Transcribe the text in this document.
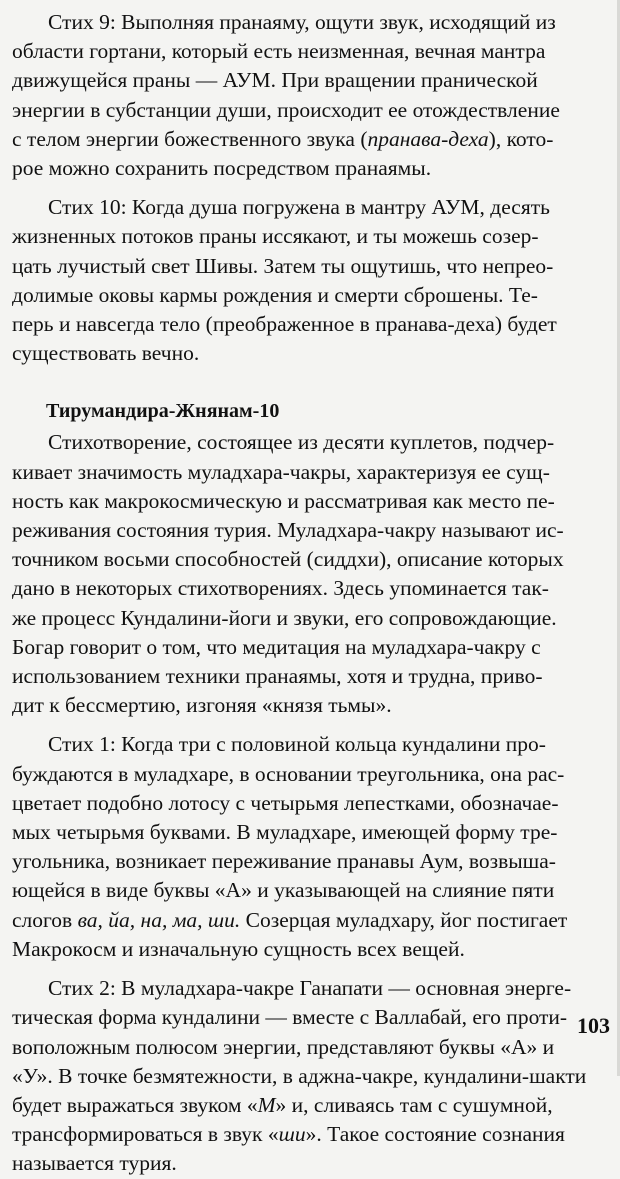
Стих 9: Выполняя пранаяму, ощути звук, исходящий из
области гортани, который есть неизменная, вечная мантра
движущейся праны — АУМ. При вращении пранической
энергии в субстанции души, происходит ее отождествление
с телом энергии божественного звука (пранава-деха), кото-
рое можно сохранить посредством пранаямы.

Стих 10: Когда душа погружена в мантру АУМ, десять
жизненных потоков праны иссякают, и ты можешь созер-
цать лучистый свет Шивы. Затем ты ощутишь, что непрео-
долимые оковы кармы рождения и смерти сброшены. Те-
перь и навсегда тело (преображенное в пранава-деха) будет
существовать вечно.

Тирумандира-Жнянам-10

Стихотворение, состоящее из десяти куплетов, подчер-
кивает значимость муладхара-чакры, характеризуя ее сущ-
ность как макрокосмическую и рассматривая как место пе-
реживания состояния турия. Муладхара-чакру называют ис-
точником восьми способностей (сиддхи), описание которых
дано в некоторых стихотворениях. Здесь упоминается так-
же процесс Кундалини-йоги и звуки, его сопровождающие.
Богар говорит о том, что медитация на муладхара-чакру с
использованием техники пранаямы, хотя и трудна, приво-
дит к бессмертию, изгоняя «князя тьмы».

Стих 1: Когда три с половиной кольца кундалини про-
буждаются в муладхаре, в основании треугольника, она рас-
цветает подобно лотосу с четырьмя лепестками, обозначае-
мых четырьмя буквами. В муладхаре, имеющей форму тре-
угольника, возникает переживание пранавы Аум, возвыша-
ющейся в виде буквы «А» и указывающей на слияние пяти
слогов ва, йа, на, ма, ши. Созерцая муладхару, йог постигает
Макрокосм и изначальную сущность всех вещей.

Стих 2: В муладхара-чакре Ганапати — основная энерге-
тическая форма кундалини — вместе с Валлабай, его проти-
воположным полюсом энергии, представляют буквы «А» и
«У». В точке безмятежности, в аджна-чакре, кундалини-шакти
будет выражаться звуком «М» и, сливаясь там с сушумной,
трансформироваться в звук «ши». Такое состояние сознания
называется турия.

103
